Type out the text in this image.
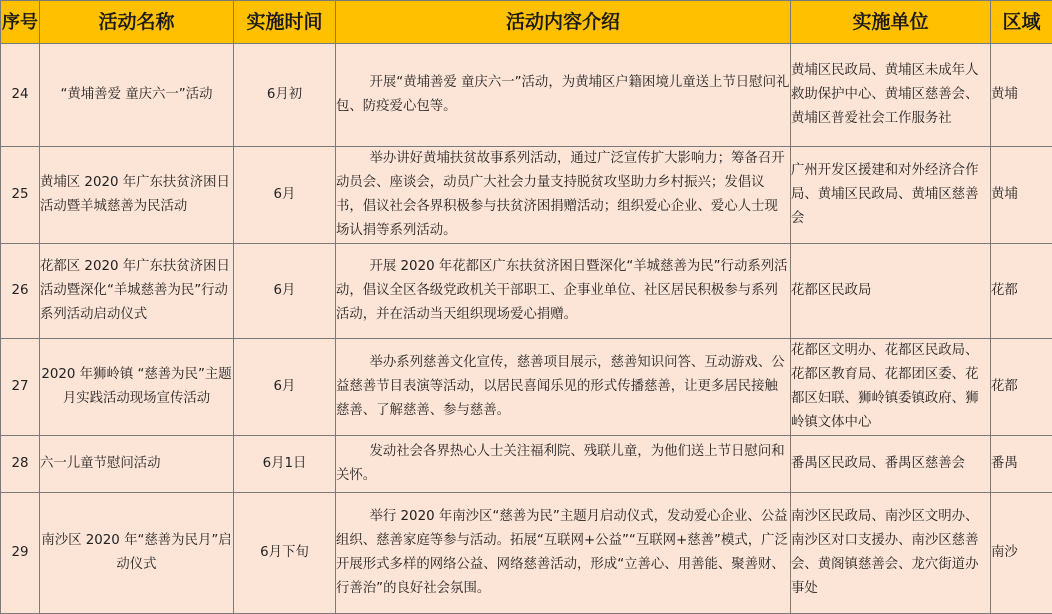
序号	活动名称	实施时间	活动内容介绍	实施单位	区域
24	“黄埔善爱 童庆六一”活动	6月初	开展“黄埔善爱 童庆六一”活动，为黄埔区户籍困境儿童送上节日慰问礼包、防疫爱心包等。	黄埔区民政局、黄埔区未成年人救助保护中心、黄埔区慈善会、黄埔区普爱社会工作服务社	黄埔
25	黄埔区 2020 年广东扶贫济困日活动暨羊城慈善为民活动	6月	举办讲好黄埔扶贫故事系列活动，通过广泛宣传扩大影响力；筹备召开动员会、座谈会，动员广大社会力量支持脱贫攻坚助力乡村振兴；发倡议书，倡议社会各界积极参与扶贫济困捐赠活动；组织爱心企业、爱心人士现场认捐等系列活动。	广州开发区援建和对外经济合作局、黄埔区民政局、黄埔区慈善会	黄埔
26	花都区 2020 年广东扶贫济困日活动暨深化“羊城慈善为民”行动系列活动启动仪式	6月	开展 2020 年花都区广东扶贫济困日暨深化“羊城慈善为民”行动系列活动，倡议全区各级党政机关干部职工、企事业单位、社区居民积极参与系列活动，并在活动当天组织现场爱心捐赠。	花都区民政局	花都
27	2020 年狮岭镇 “慈善为民”主题月实践活动现场宣传活动	6月	举办系列慈善文化宣传，慈善项目展示，慈善知识问答、互动游戏、公益慈善节目表演等活动，以居民喜闻乐见的形式传播慈善，让更多居民接触慈善、了解慈善、参与慈善。	花都区文明办、花都区民政局、花都区教育局、花都团区委、花都区妇联、狮岭镇委镇政府、狮岭镇文体中心	花都
28	六一儿童节慰问活动	6月1日	发动社会各界热心人士关注福利院、残联儿童，为他们送上节日慰问和关怀。	番禺区民政局、番禺区慈善会	番禺
29	南沙区 2020 年“慈善为民月”启动仪式	6月下旬	举行 2020 年南沙区“慈善为民”主题月启动仪式，发动爱心企业、公益组织、慈善家庭等参与活动。拓展“互联网+公益”“互联网+慈善”模式，广泛开展形式多样的网络公益、网络慈善活动，形成“立善心、用善能、聚善财、行善治”的良好社会氛围。	南沙区民政局、南沙区文明办、南沙区对口支援办、南沙区慈善会、黄阁镇慈善会、龙穴街道办事处	南沙
